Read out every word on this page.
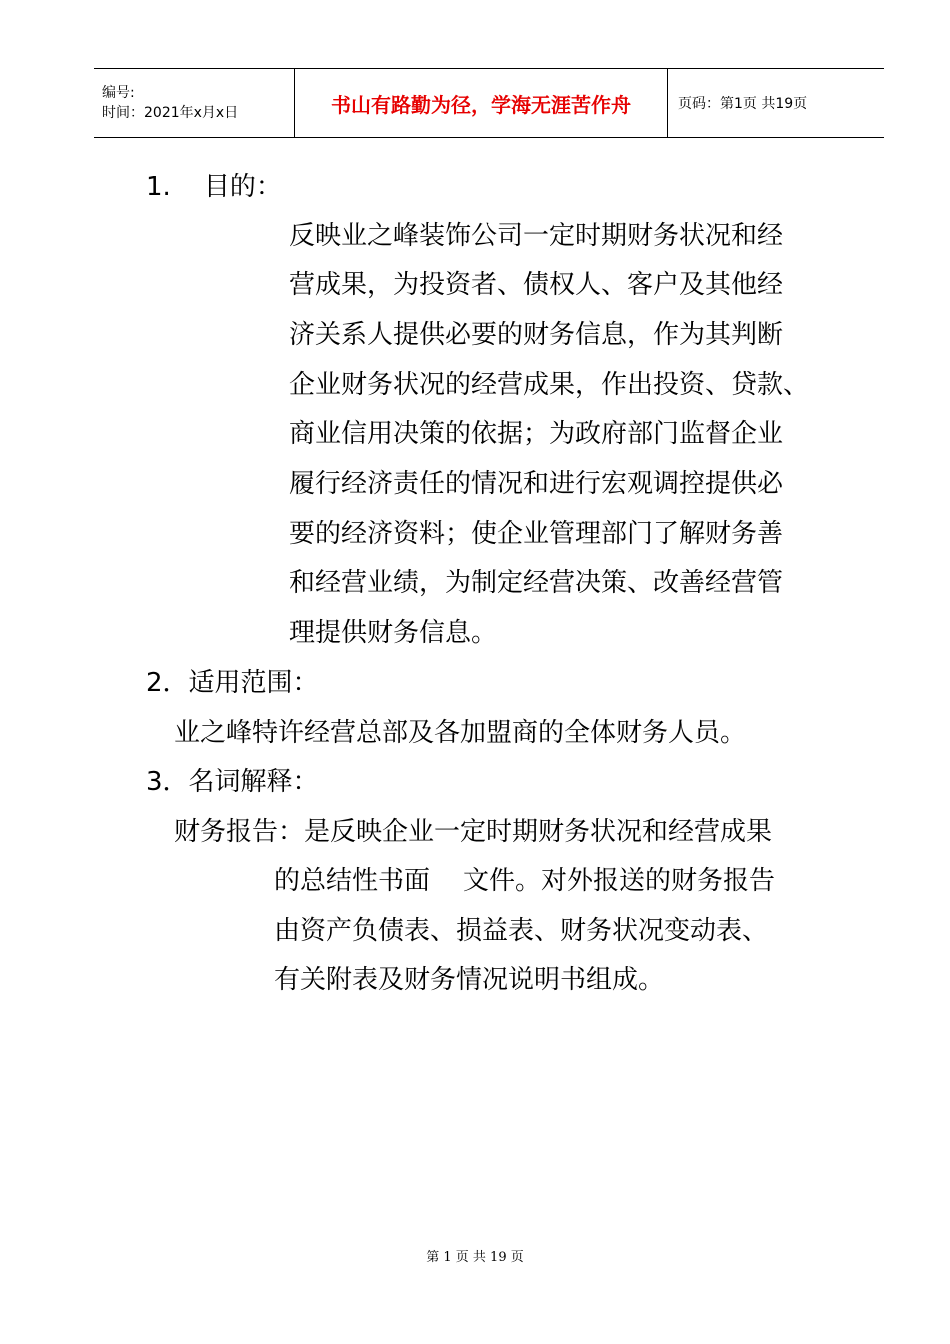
编号:
时间：2021年x月x日	书山有路勤为径，学海无涯苦作舟	页码：第1页 共19页
1.    目的：
反映业之峰装饰公司一定时期财务状况和经
营成果，为投资者、债权人、客户及其他经
济关系人提供必要的财务信息，作为其判断
企业财务状况的经营成果，作出投资、贷款、
商业信用决策的依据；为政府部门监督企业
履行经济责任的情况和进行宏观调控提供必
要的经济资料；使企业管理部门了解财务善
和经营业绩，为制定经营决策、改善经营管
理提供财务信息。
2．适用范围：
业之峰特许经营总部及各加盟商的全体财务人员。
3．名词解释：
财务报告：是反映企业一定时期财务状况和经营成果
的总结性书面    文件。对外报送的财务报告
由资产负债表、损益表、财务状况变动表、
有关附表及财务情况说明书组成。
第 1 页 共 19 页
